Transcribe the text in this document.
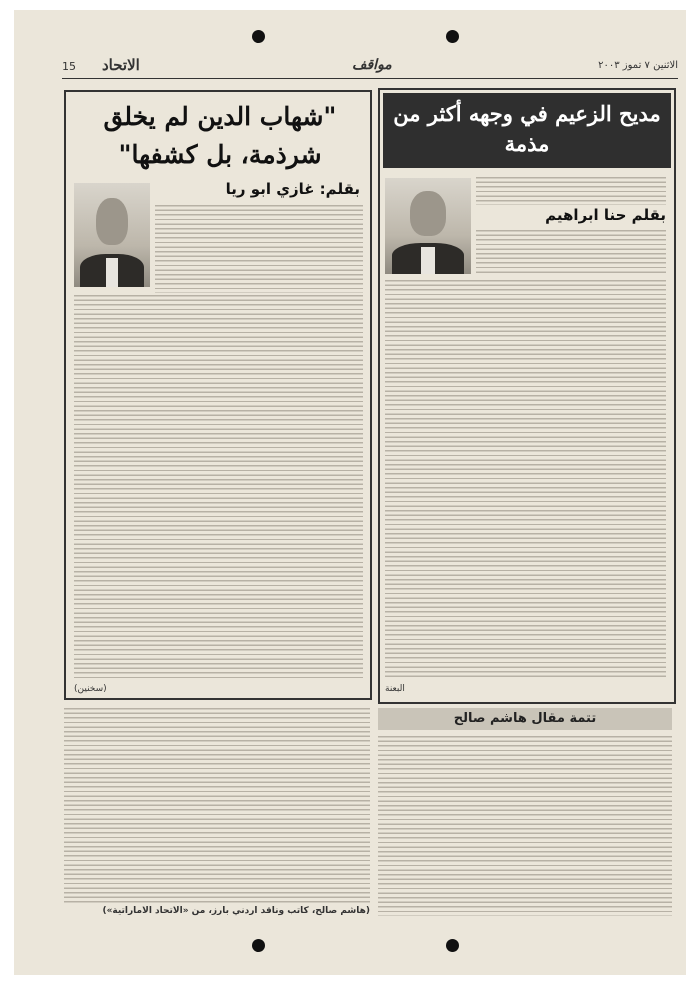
15 الاتحاد	مواقف	الاثنين ٧ تموز ٢٠٠٣
مديح الزعيم في وجهه أكثر من مذمة
بقلم حنا ابراهيم
البعنة
"شهاب الدين لم يخلق شرذمة، بل كشفها"
بقلم: غازي ابو ريا
(سخنين)
تتمة مقال هاشم صالح
(هاشم صالح، كاتب وناقد اردني بارز، من «الاتحاد الاماراتية»)
